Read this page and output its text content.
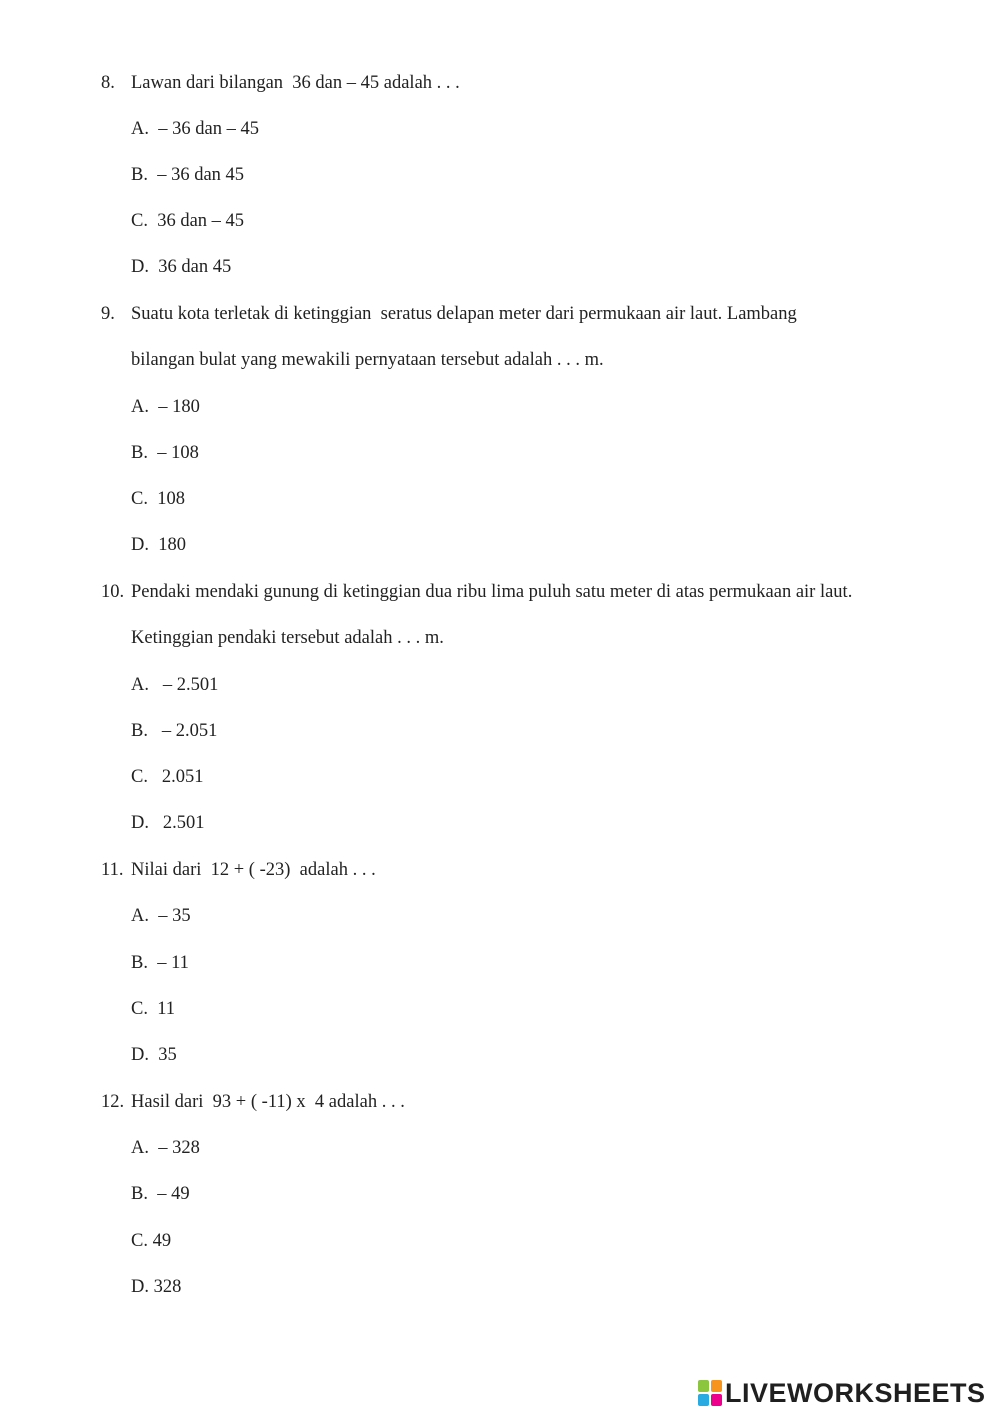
8. Lawan dari bilangan  36 dan – 45 adalah . . .
A.  – 36 dan – 45
B.  – 36 dan 45
C.  36 dan – 45
D.  36 dan 45
9. Suatu kota terletak di ketinggian  seratus delapan meter dari permukaan air laut. Lambang
bilangan bulat yang mewakili pernyataan tersebut adalah . . . m.
A.  – 180
B.  – 108
C.  108
D.  180
10. Pendaki mendaki gunung di ketinggian dua ribu lima puluh satu meter di atas permukaan air laut.
Ketinggian pendaki tersebut adalah . . . m.
A.   – 2.501
B.   – 2.051
C.   2.051
D.   2.501
11. Nilai dari  12 + ( -23)  adalah . . .
A.  – 35
B.  – 11
C.  11
D.  35
12. Hasil dari  93 + ( -11) x  4 adalah . . .
A.  – 328
B.  – 49
C. 49
D. 328
LIVEWORKSHEETS
